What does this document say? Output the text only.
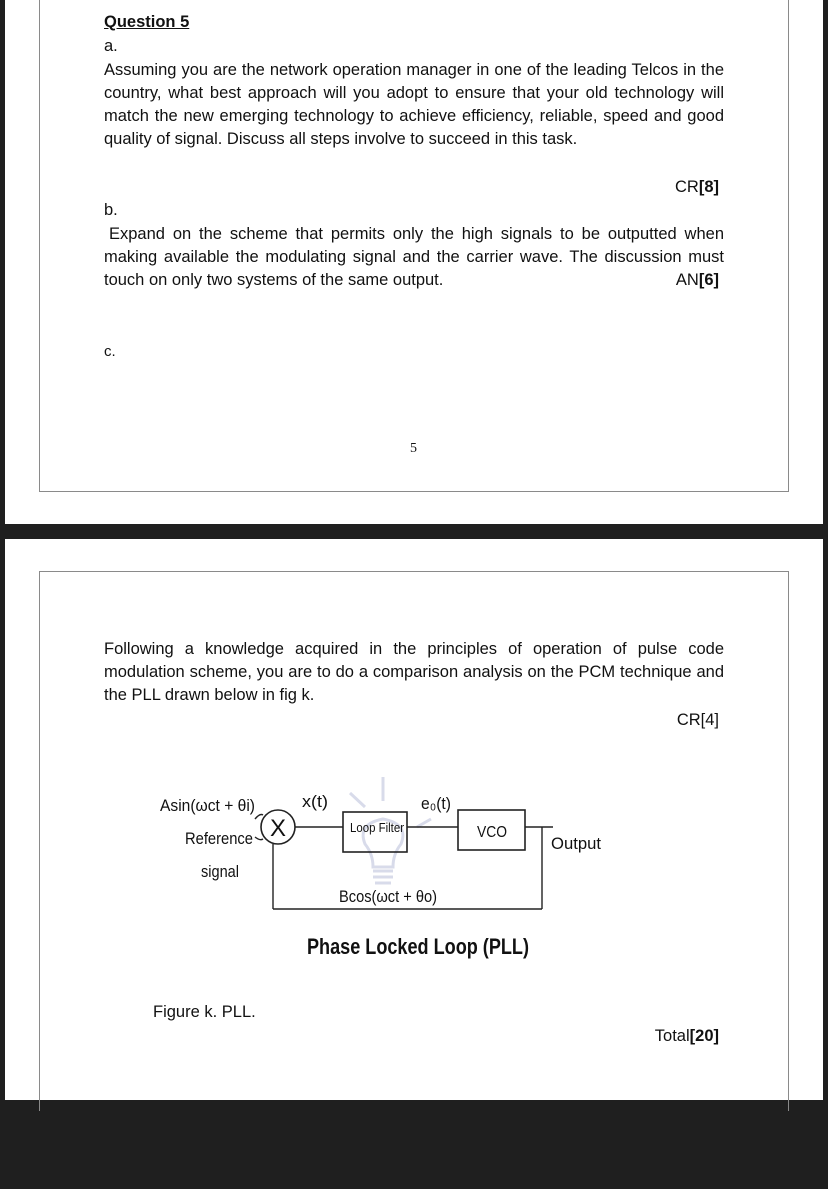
Question 5
a.
Assuming you are the network operation manager in one of the leading Telcos in the country, what best approach will you adopt to ensure that your old technology will match the new emerging technology to achieve efficiency, reliable, speed and good quality of signal. Discuss all steps involve to succeed in this task.
CR[8]
b.
Expand on the scheme that permits only the high signals to be outputted when making available the modulating signal and the carrier wave. The discussion must touch on only two systems of the same output.	AN[6]
c.
5
Following a knowledge acquired in the principles of operation of pulse code modulation scheme, you are to do a comparison analysis on the PCM technique and the PLL drawn below in fig k.
CR[4]
X
Asin(ωct + θi)
Reference
signal
x(t)	e₀(t)
Loop Filter	VCO
Output
Bcos(ωct + θo)
Phase Locked Loop (PLL)
Figure k. PLL.
Total[20]
